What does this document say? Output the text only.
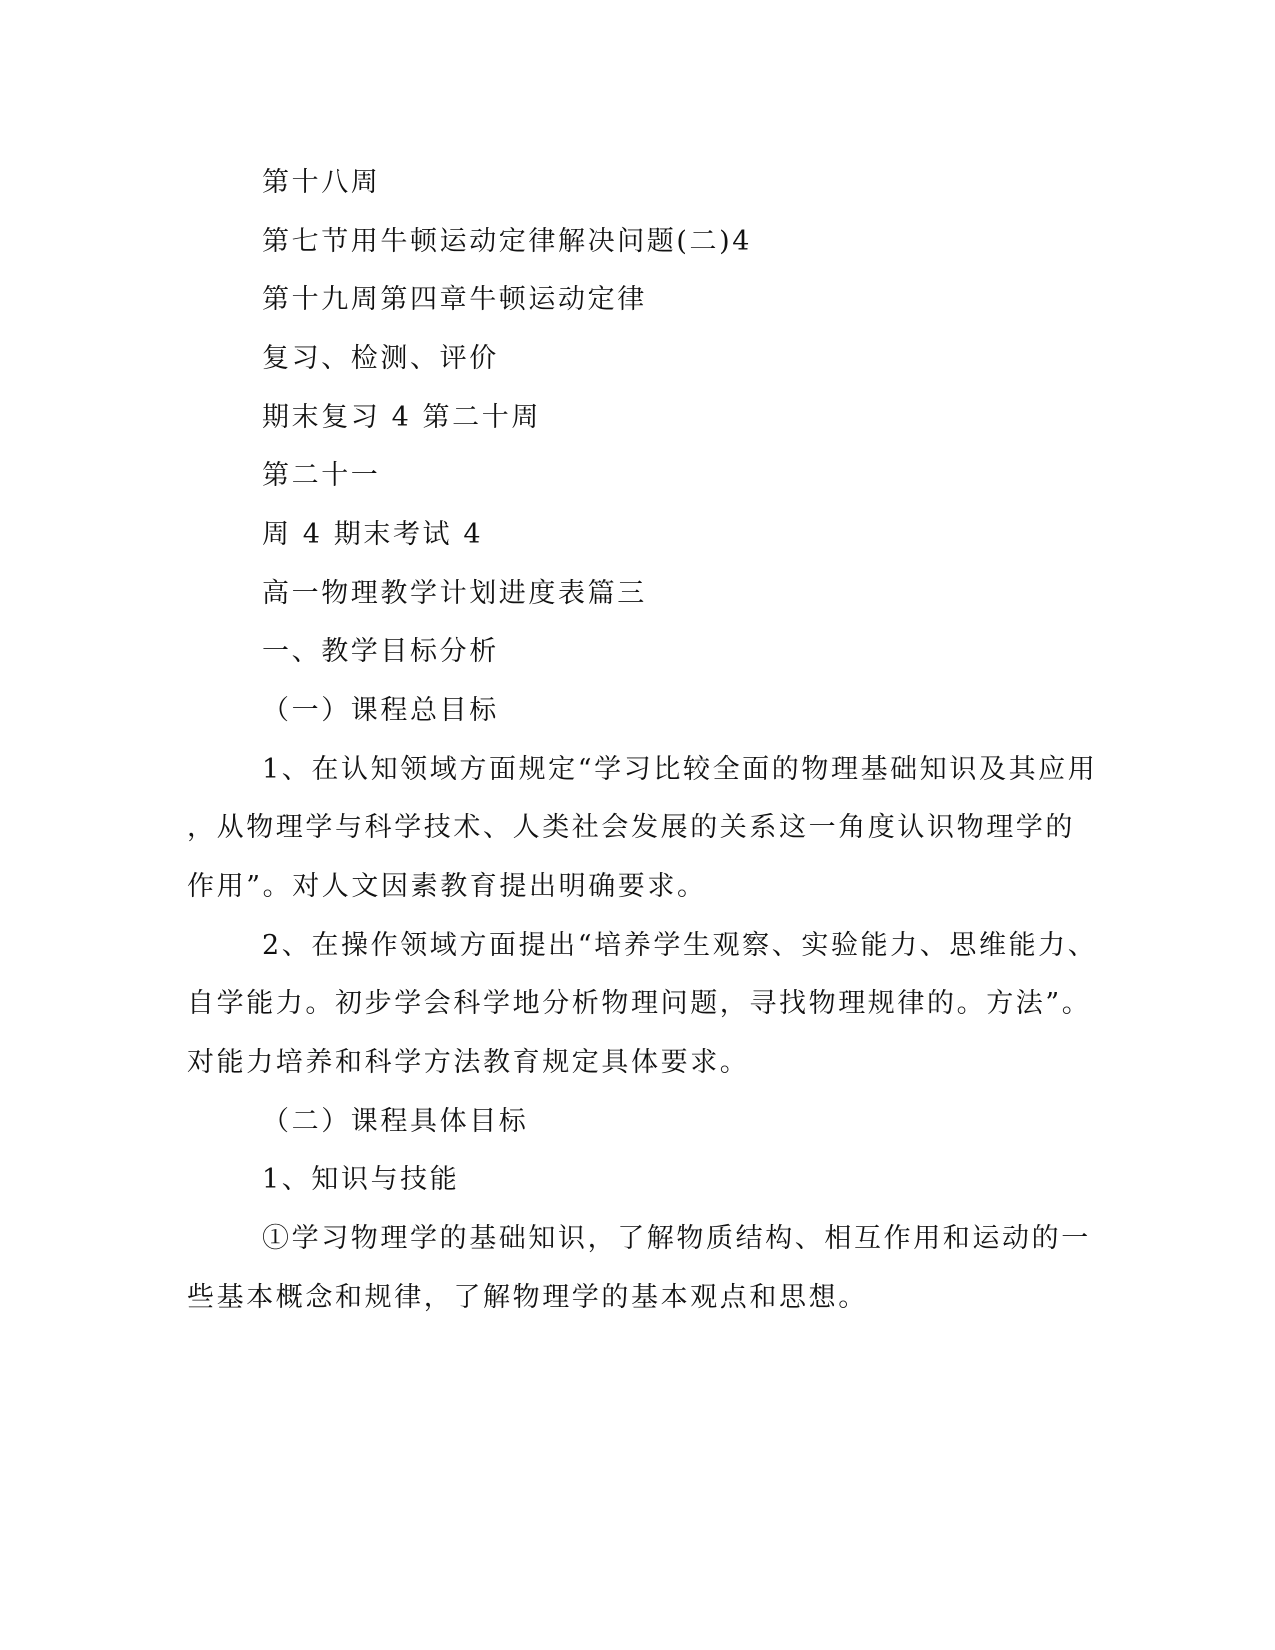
第十八周
第七节用牛顿运动定律解决问题(二)4
第十九周第四章牛顿运动定律
复习、检测、评价
期末复习 4 第二十周
第二十一
周 4 期末考试 4
高一物理教学计划进度表篇三
一、教学目标分析
（一）课程总目标
1、在认知领域方面规定“学习比较全面的物理基础知识及其应用
，从物理学与科学技术、人类社会发展的关系这一角度认识物理学的
作用”。对人文因素教育提出明确要求。
2、在操作领域方面提出“培养学生观察、实验能力、思维能力、
自学能力。初步学会科学地分析物理问题，寻找物理规律的。方法”。
对能力培养和科学方法教育规定具体要求。
（二）课程具体目标
1、知识与技能
①学习物理学的基础知识，了解物质结构、相互作用和运动的一
些基本概念和规律，了解物理学的基本观点和思想。
